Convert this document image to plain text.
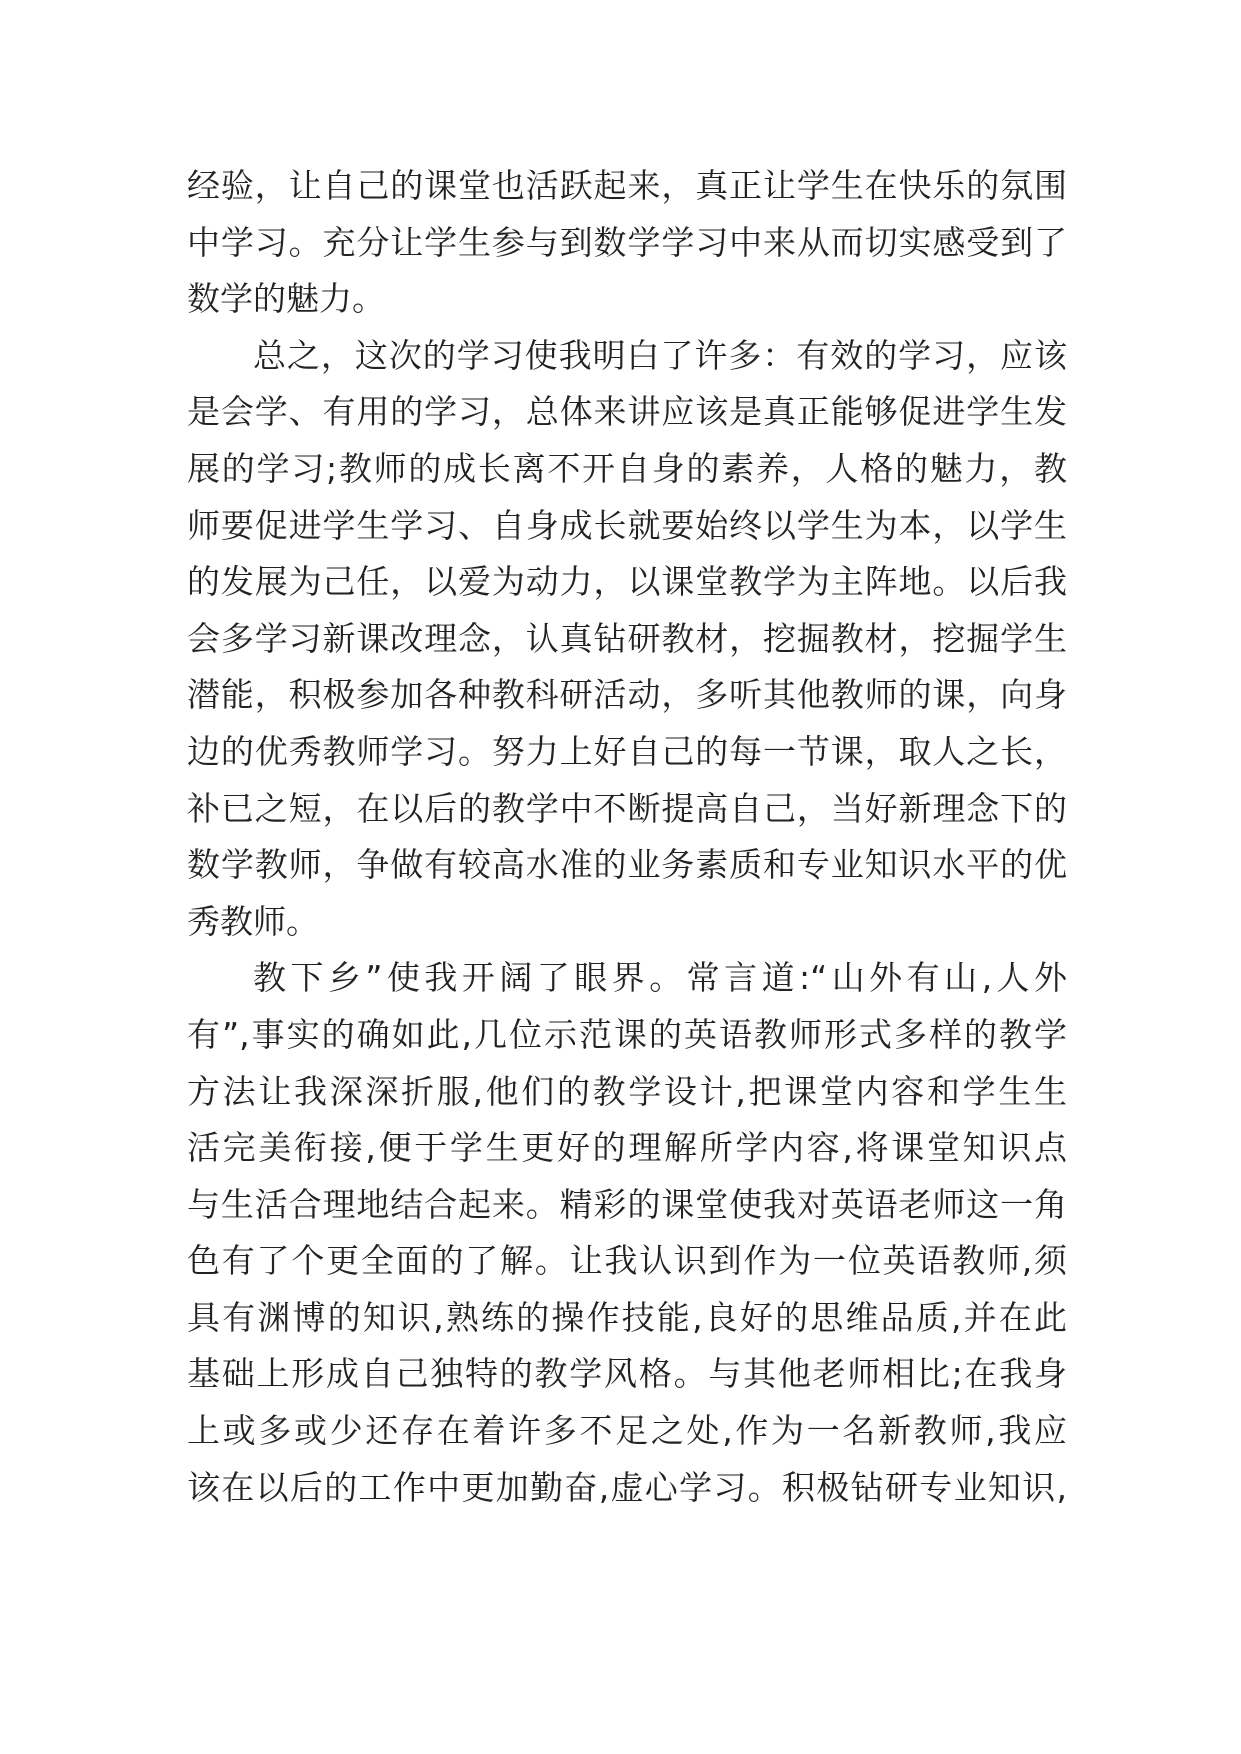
经验，让自己的课堂也活跃起来，真正让学生在快乐的氛围
中学习。充分让学生参与到数学学习中来从而切实感受到了
数学的魅力。
总之，这次的学习使我明白了许多：有效的学习，应该
是会学、有用的学习，总体来讲应该是真正能够促进学生发
展的学习;教师的成长离不开自身的素养，人格的魅力，教
师要促进学生学习、自身成长就要始终以学生为本，以学生
的发展为己任，以爱为动力，以课堂教学为主阵地。以后我
会多学习新课改理念，认真钻研教材，挖掘教材，挖掘学生
潜能，积极参加各种教科研活动，多听其他教师的课，向身
边的优秀教师学习。努力上好自己的每一节课，取人之长，
补已之短，在以后的教学中不断提高自己，当好新理念下的
数学教师，争做有较高水准的业务素质和专业知识水平的优
秀教师。
教下乡”使我开阔了眼界。常言道:“山外有山,人外
有”,事实的确如此,几位示范课的英语教师形式多样的教学
方法让我深深折服,他们的教学设计,把课堂内容和学生生
活完美衔接,便于学生更好的理解所学内容,将课堂知识点
与生活合理地结合起来。精彩的课堂使我对英语老师这一角
色有了个更全面的了解。让我认识到作为一位英语教师,须
具有渊博的知识,熟练的操作技能,良好的思维品质,并在此
基础上形成自己独特的教学风格。与其他老师相比;在我身
上或多或少还存在着许多不足之处,作为一名新教师,我应
该在以后的工作中更加勤奋,虚心学习。积极钻研专业知识,
